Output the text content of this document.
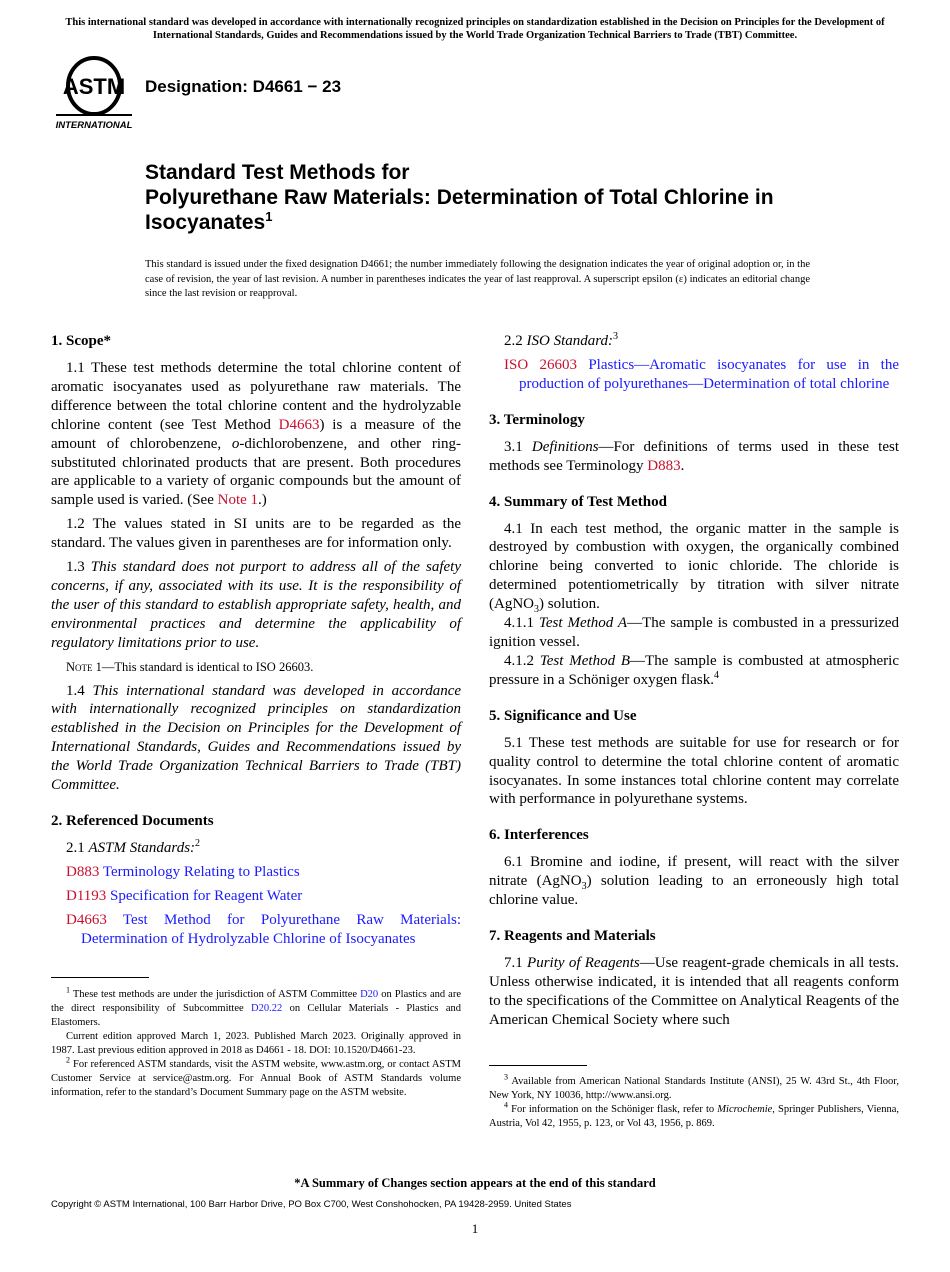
This international standard was developed in accordance with internationally recognized principles on standardization established in the Decision on Principles for the Development of International Standards, Guides and Recommendations issued by the World Trade Organization Technical Barriers to Trade (TBT) Committee.
ASTM
INTERNATIONAL
Designation: D4661 − 23
Standard Test Methods for
Polyurethane Raw Materials: Determination of Total Chlorine in Isocyanates$^1$
This standard is issued under the fixed designation D4661; the number immediately following the designation indicates the year of original adoption or, in the case of revision, the year of last revision. A number in parentheses indicates the year of last reapproval. A superscript epsilon (ε) indicates an editorial change since the last revision or reapproval.
1. Scope*

1.1 These test methods determine the total chlorine content of aromatic isocyanates used as polyurethane raw materials. The difference between the total chlorine content and the hydrolyzable chlorine content (see Test Method D4663) is a measure of the amount of chlorobenzene, o-dichlorobenzene, and other ring-substituted chlorinated products that are present. Both procedures are applicable to a variety of organic compounds but the amount of sample used is varied. (See Note 1.)

1.2 The values stated in SI units are to be regarded as the standard. The values given in parentheses are for information only.

1.3 This standard does not purport to address all of the safety concerns, if any, associated with its use. It is the responsibility of the user of this standard to establish appropriate safety, health, and environmental practices and determine the applicability of regulatory limitations prior to use.

Note 1—This standard is identical to ISO 26603.

1.4 This international standard was developed in accordance with internationally recognized principles on standardization established in the Decision on Principles for the Development of International Standards, Guides and Recommendations issued by the World Trade Organization Technical Barriers to Trade (TBT) Committee.

2. Referenced Documents

2.1 ASTM Standards:$^2$

D883 Terminology Relating to Plastics

D1193 Specification for Reagent Water

D4663 Test Method for Polyurethane Raw Materials: Determination of Hydrolyzable Chlorine of Isocyanates

2.2 ISO Standard:$^3$

ISO 26603 Plastics—Aromatic isocyanates for use in the production of polyurethanes—Determination of total chlorine

3. Terminology

3.1 Definitions—For definitions of terms used in these test methods see Terminology D883.

4. Summary of Test Method

4.1 In each test method, the organic matter in the sample is destroyed by combustion with oxygen, the organically combined chlorine being converted to ionic chloride. The chloride is determined potentiometrically by titration with silver nitrate (AgNO$_3$) solution.

4.1.1 Test Method A—The sample is combusted in a pressurized ignition vessel.

4.1.2 Test Method B—The sample is combusted at atmospheric pressure in a Schöniger oxygen flask.$^4$

5. Significance and Use

5.1 These test methods are suitable for use for research or for quality control to determine the total chlorine content of aromatic isocyanates. In some instances total chlorine content may correlate with performance in polyurethane systems.

6. Interferences

6.1 Bromine and iodine, if present, will react with the silver nitrate (AgNO$_3$) solution leading to an erroneously high total chlorine value.

7. Reagents and Materials

7.1 Purity of Reagents—Use reagent-grade chemicals in all tests. Unless otherwise indicated, it is intended that all reagents conform to the specifications of the Committee on Analytical Reagents of the American Chemical Society where such

$^1$ These test methods are under the jurisdiction of ASTM Committee D20 on Plastics and are the direct responsibility of Subcommittee D20.22 on Cellular Materials - Plastics and Elastomers.

Current edition approved March 1, 2023. Published March 2023. Originally approved in 1987. Last previous edition approved in 2018 as D4661 - 18. DOI: 10.1520/D4661-23.

$^2$ For referenced ASTM standards, visit the ASTM website, www.astm.org, or contact ASTM Customer Service at service@astm.org. For Annual Book of ASTM Standards volume information, refer to the standard’s Document Summary page on the ASTM website.

$^3$ Available from American National Standards Institute (ANSI), 25 W. 43rd St., 4th Floor, New York, NY 10036, http://www.ansi.org.

$^4$ For information on the Schöniger flask, refer to Microchemie, Springer Publishers, Vienna, Austria, Vol 42, 1955, p. 123, or Vol 43, 1956, p. 869.

*A Summary of Changes section appears at the end of this standard
Copyright © ASTM International, 100 Barr Harbor Drive, PO Box C700, West Conshohocken, PA 19428-2959. United States
1
